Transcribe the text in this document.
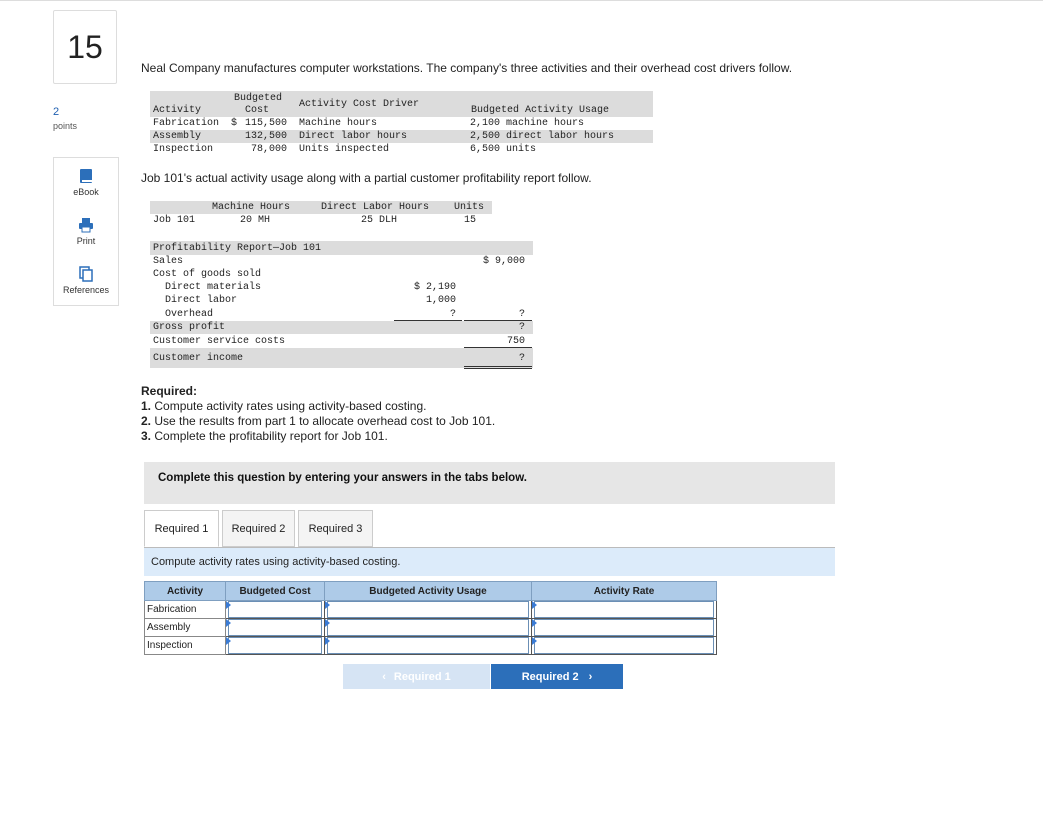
15
2
points
eBook
Print
References
Neal Company manufactures computer workstations. The company's three activities and their overhead cost drivers follow.
Budgeted
Cost
Activity
Activity Cost Driver
Budgeted Activity Usage
Fabrication $ 115,500 Machine hours	2,100 machine hours
Assembly	132,500 Direct labor hours	2,500 direct labor hours
Inspection	78,000 Units inspected	6,500 units
Job 101's actual activity usage along with a partial customer profitability report follow.
Machine Hours	Direct Labor Hours Units
Job 101	20 MH	25 DLH	15
Profitability Report—Job 101
Sales	$ 9,000
Cost of goods sold
Direct materials	$ 2,190
Direct labor	1,000
Overhead	?	?
Gross profit	?
Customer service costs	750
Customer income	?
Required:
1. Compute activity rates using activity-based costing.
2. Use the results from part 1 to allocate overhead cost to Job 101.
3. Complete the profitability report for Job 101.
Complete this question by entering your answers in the tabs below.
Required 1	Required 2	Required 3
Compute activity rates using activity-based costing.
Activity	Budgeted Cost	Budgeted Activity Usage	Activity Rate
Fabrication	

Assembly	

Inspection	

‹ Required 1	Required 2 ›
